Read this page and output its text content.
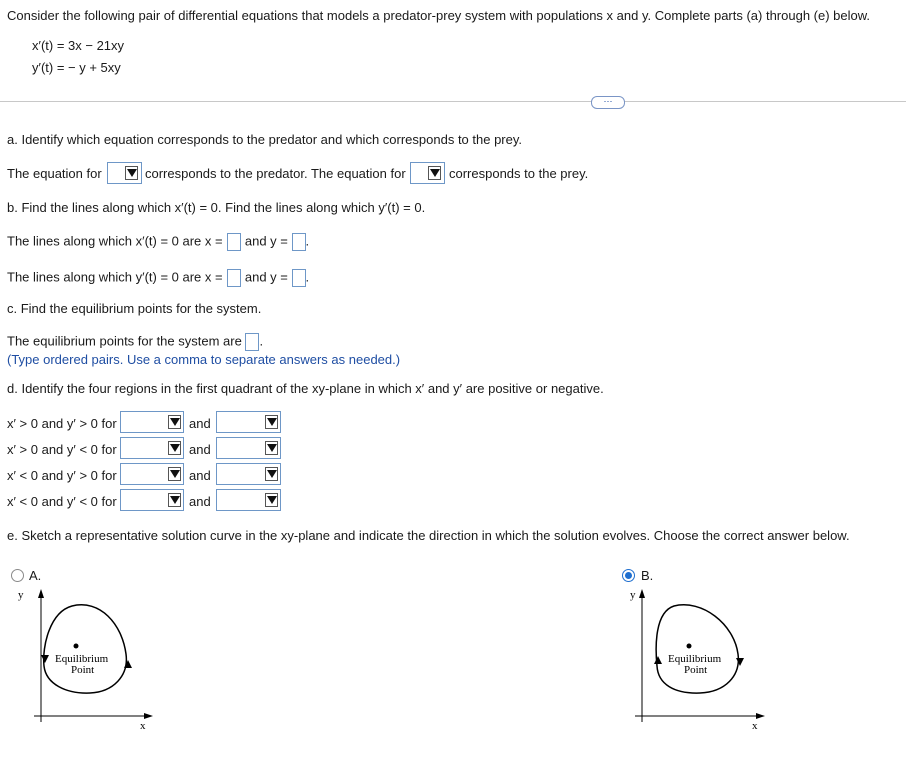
Consider the following pair of differential equations that models a predator-prey system with populations x and y. Complete parts (a) through (e) below.
x′(t) = 3x − 21xy
y′(t) = − y + 5xy
⋯
a. Identify which equation corresponds to the predator and which corresponds to the prey.
The equation for	corresponds to the predator. The equation for	corresponds to the prey.
b. Find the lines along which x′(t) = 0. Find the lines along which y′(t) = 0.
The lines along which x′(t) = 0 are x = and y = .
The lines along which y′(t) = 0 are x = and y = .
c. Find the equilibrium points for the system.
The equilibrium points for the system are .
(Type ordered pairs. Use a comma to separate answers as needed.)
d. Identify the four regions in the first quadrant of the xy-plane in which x′ and y′ are positive or negative.
x′ > 0 and y′ > 0 for	and
x′ > 0 and y′ < 0 for	and
x′ < 0 and y′ > 0 for	and
x′ < 0 and y′ < 0 for	and
e. Sketch a representative solution curve in the xy-plane and indicate the direction in which the solution evolves. Choose the correct answer below.
A.
y
x
Equilibrium
Point
B.
y
x
Equilibrium
Point
